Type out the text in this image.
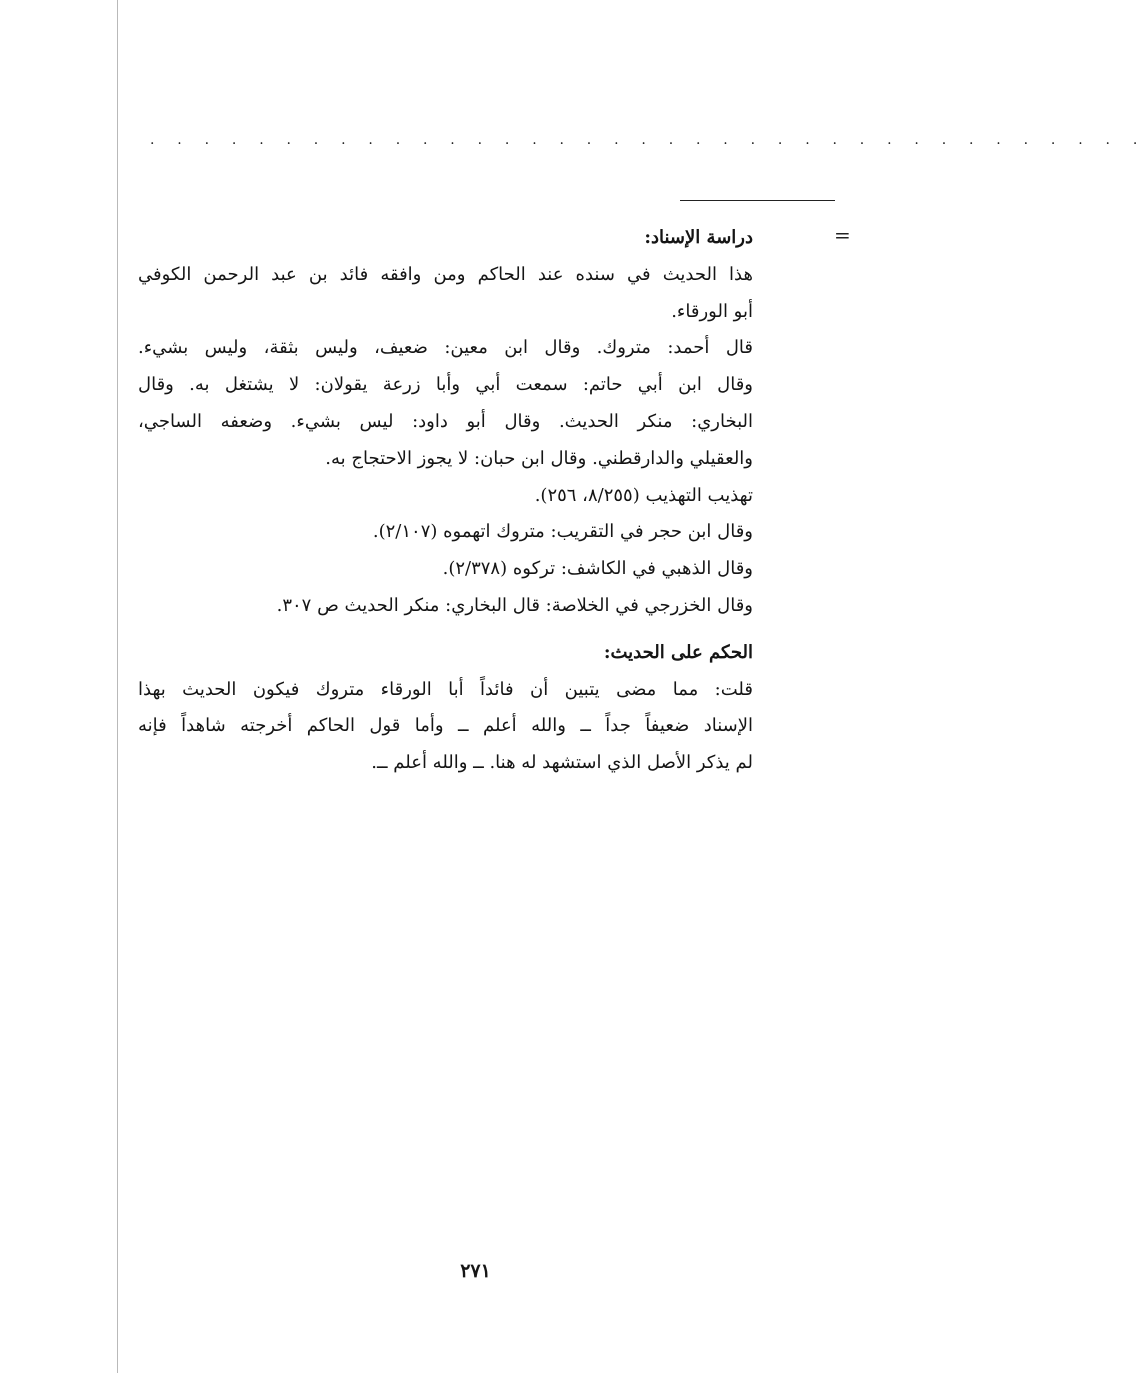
. . . . . . . . . . . . . . . . . . . . . . . . . . . . . . . . . . . . .
=

دراسة الإسناد:

هذا الحديث في سنده عند الحاكم ومن وافقه فائد بن عبد الرحمن الكوفي

أبو الورقاء.

قال أحمد: متروك. وقال ابن معين: ضعيف، وليس بثقة، وليس بشيء.

وقال ابن أبي حاتم: سمعت أبي وأبا زرعة يقولان: لا يشتغل به. وقال

البخاري: منكر الحديث. وقال أبو داود: ليس بشيء. وضعفه الساجي،

والعقيلي والدارقطني. وقال ابن حبان: لا يجوز الاحتجاج به.

تهذيب التهذيب (٨/٢٥٥، ٢٥٦).

وقال ابن حجر في التقريب: متروك اتهموه (٢/١٠٧).

وقال الذهبي في الكاشف: تركوه (٢/٣٧٨).

وقال الخزرجي في الخلاصة: قال البخاري: منكر الحديث ص ٣٠٧.

الحكم على الحديث:

قلت: مما مضى يتبين أن فائداً أبا الورقاء متروك فيكون الحديث بهذا

الإسناد ضعيفاً جداً ــ والله أعلم ــ وأما قول الحاكم أخرجته شاهداً فإنه

لم يذكر الأصل الذي استشهد له هنا. ــ والله أعلم ــ.

٢٧١
